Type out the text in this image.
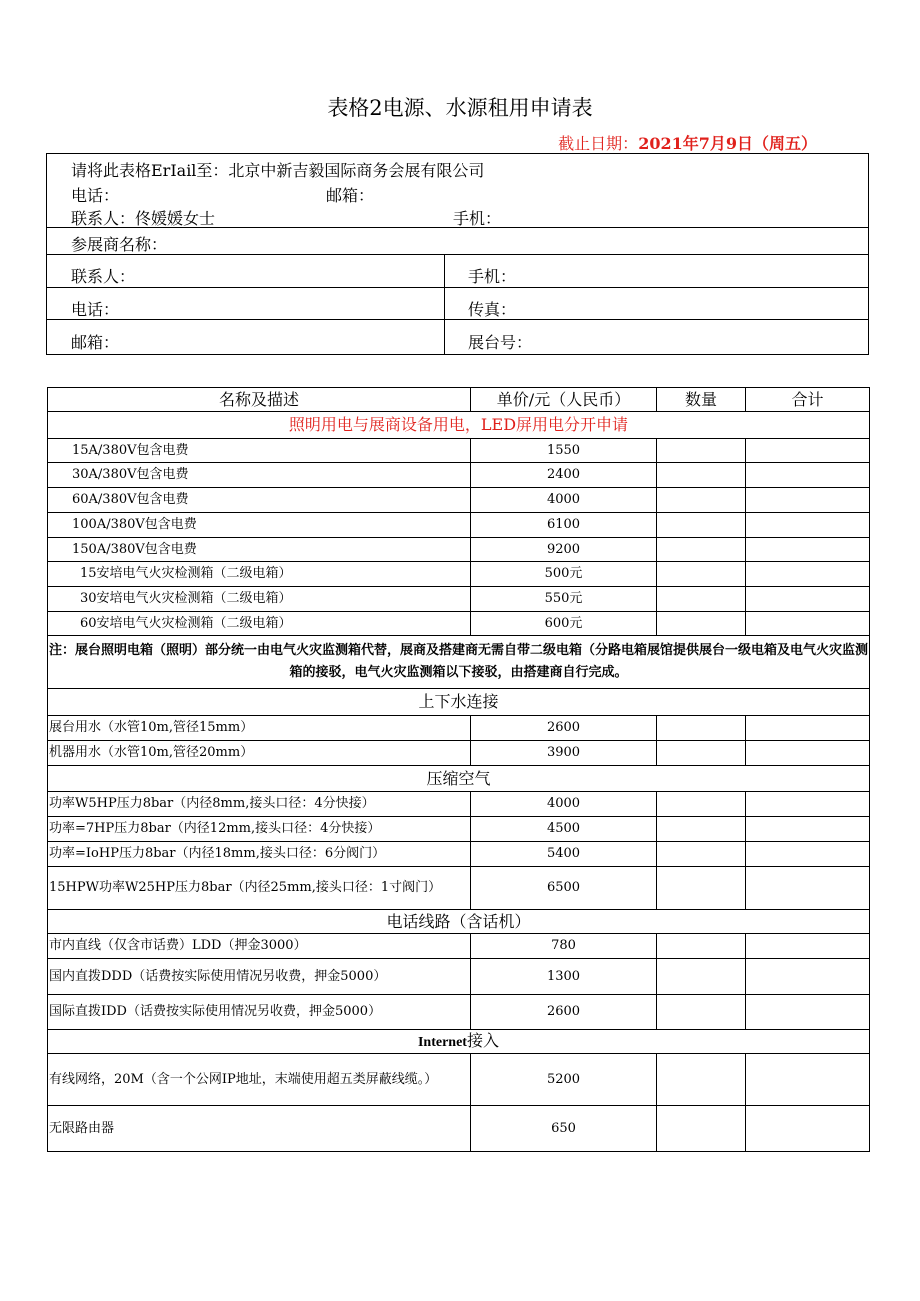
表格2电源、水源租用申请表
截止日期：2021年7月9日（周五）
请将此表格ErIail至：北京中新吉毅国际商务会展有限公司
电话：	邮箱：
联系人：佟媛媛女士	手机：
参展商名称：
联系人：	手机：
电话：	传真：
邮箱：	展台号：
名称及描述	单价/元（人民币）	数量	合计
照明用电与展商设备用电，LED屏用电分开申请			
15A/380V包含电费	1550		
30A/380V包含电费	2400		
60A/380V包含电费	4000		
100A/380V包含电费	6100		
150A/380V包含电费	9200		
15安培电气火灾检测箱（二级电箱）	500元		
30安培电气火灾检测箱（二级电箱）	550元		
60安培电气火灾检测箱（二级电箱）	600元		
注：展台照明电箱（照明）部分统一由电气火灾监测箱代替，展商及搭建商无需自带二级电箱（分路电箱展馆提供展台一级电箱及电气火灾监测箱的接驳，电气火灾监测箱以下接驳，由搭建商自行完成。			
上下水连接			
展台用水（水管10m,管径15mm）	2600		
机器用水（水管10m,管径20mm）	3900		
压缩空气			
功率W5HP压力8bar（内径8mm,接头口径：4分快接）	4000		
功率=7HP压力8bar（内径12mm,接头口径：4分快接）	4500		
功率=IoHP压力8bar（内径18mm,接头口径：6分阀门）	5400		
15HPW功率W25HP压力8bar（内径25mm,接头口径：1寸阀门）	6500		
电话线路（含话机）			
市内直线（仅含市话费）LDD（押金3000）	780		
国内直拨DDD（话费按实际使用情况另收费，押金5000）	1300		
国际直拨IDD（话费按实际使用情况另收费，押金5000）	2600		
Internet接入			
有线网络，20M（含一个公网IP地址，末端使用超五类屏蔽线缆。）	5200		
无限路由器	650		
